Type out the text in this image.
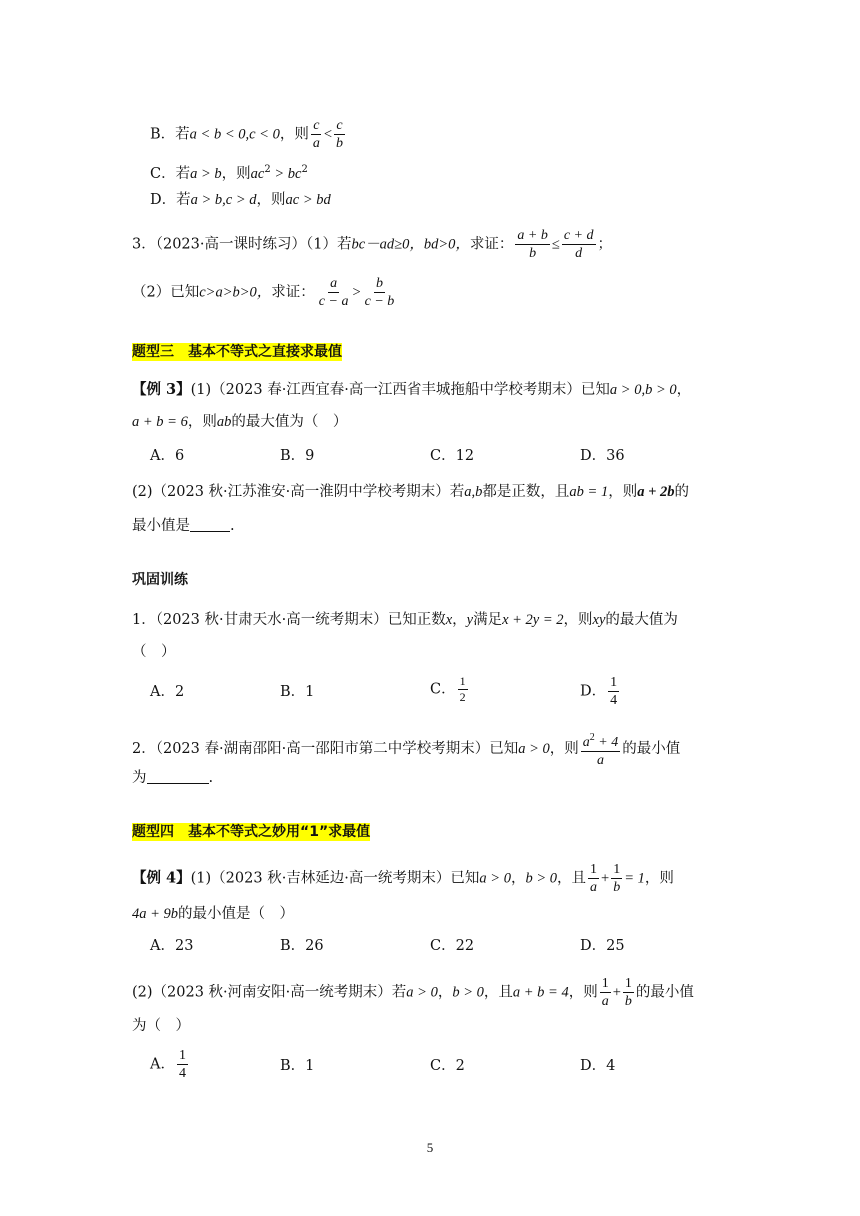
B．若a < b < 0,c < 0，则 $\frac{c}{a} < \frac{c}{b}$
C．若a > b，则$ac^2 > bc^2$
D．若a > b,c > d，则ac > bd
3．（2023·高一课时练习）（1）若bc－ad≥0，bd>0，求证： $\frac{a + b}{b} \le \frac{c + d}{d}$ ；
（2）已知c>a>b>0，求证： $\frac{a}{c - a} > \frac{b}{c - b}$
题型三　基本不等式之直接求最值
【例 3】(1)（2023 春·江西宜春·高一江西省丰城拖船中学校考期末）已知a > 0,b > 0，
a + b = 6，则ab的最大值为（　）
A．6	B．9	C．12	D．36
(2)（2023 秋·江苏淮安·高一淮阴中学校考期末）若a,b都是正数，且ab = 1，则a + 2b的
最小值是	.
巩固训练
1．（2023 秋·甘肃天水·高一统考期末）已知正数x，y满足x + 2y = 2，则xy的最大值为
（　）
A．2	B．1	C． $\frac{1}{2}$	D． $\frac{1}{4}$
2．（2023 春·湖南邵阳·高一邵阳市第二中学校考期末）已知a > 0，则 $\frac{a^2 + 4}{a}$ 的最小值
为	.
题型四　基本不等式之妙用“1”求最值
【例 4】(1)（2023 秋·吉林延边·高一统考期末）已知a > 0，b > 0，且 $\frac{1}{a} + \frac{1}{b} = 1$，则
4a + 9b的最小值是（　）
A．23	B．26	C．22	D．25
(2)（2023 秋·河南安阳·高一统考期末）若a > 0，b > 0，且a + b = 4，则 $\frac{1}{a} + \frac{1}{b}$ 的最小值
为（　）
A． $\frac{1}{4}$	B．1	C．2	D．4
5
